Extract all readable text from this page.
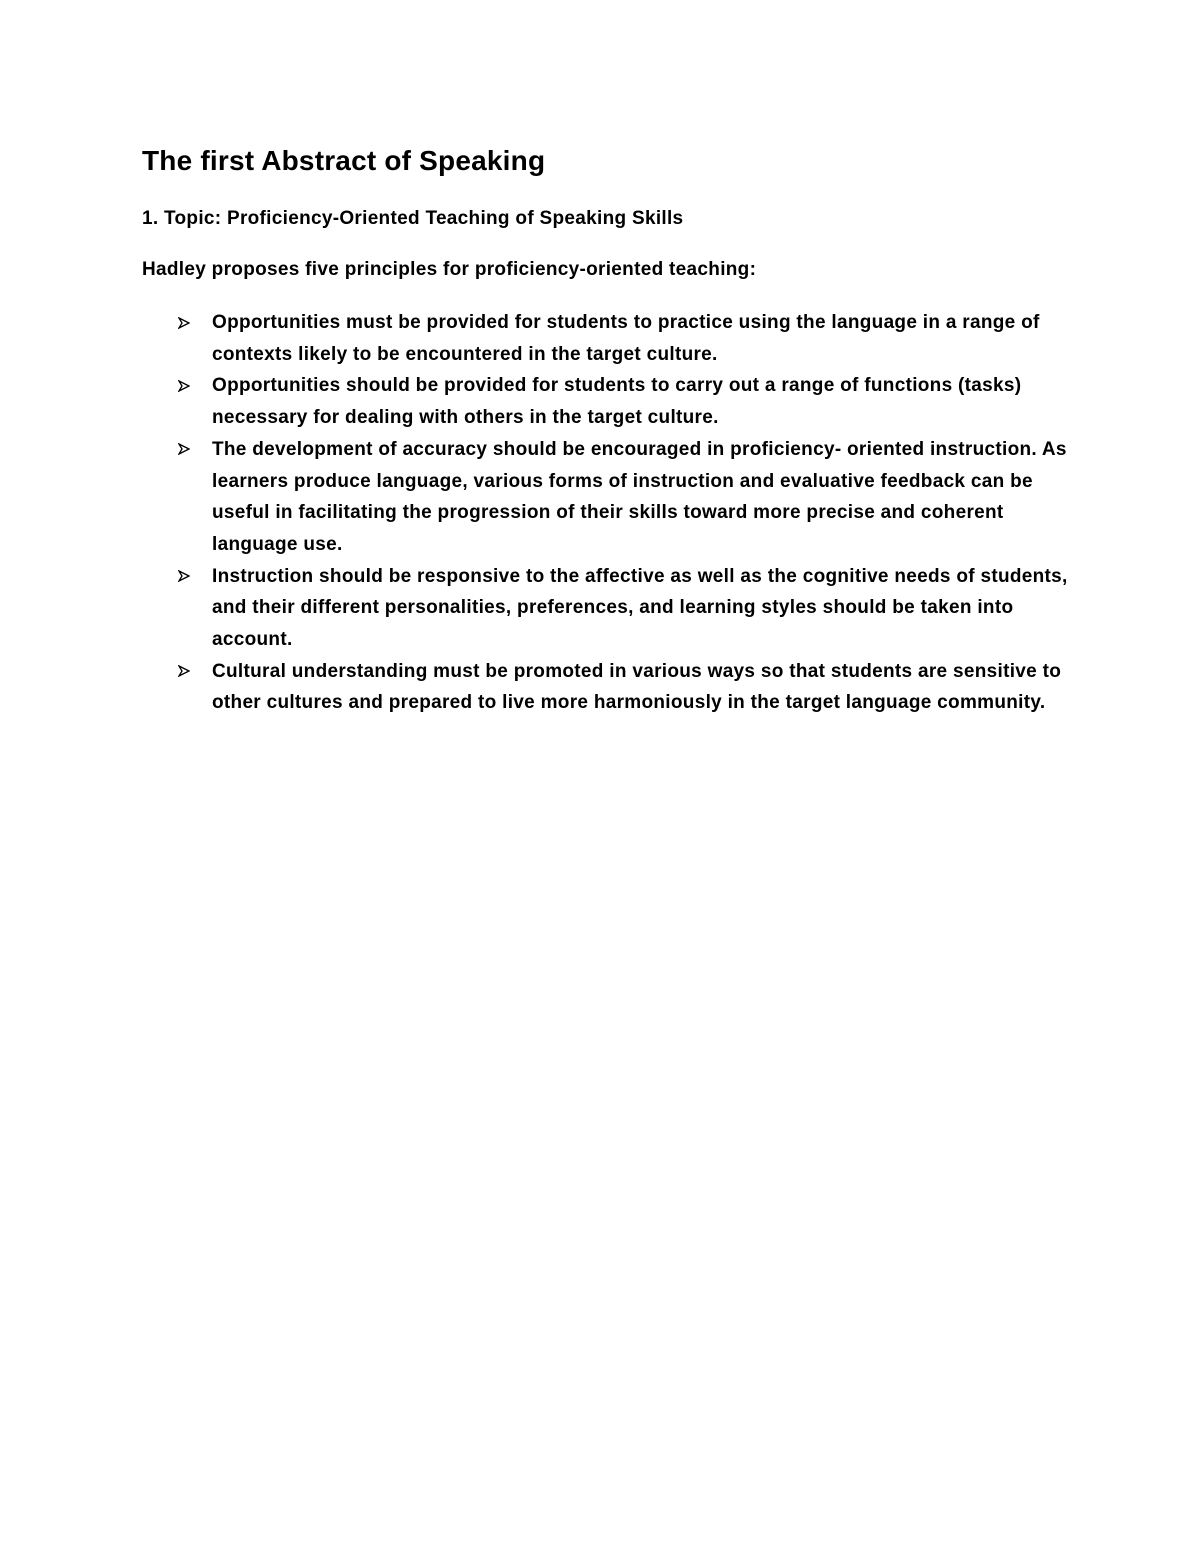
The first Abstract of Speaking

1. Topic: Proficiency-Oriented Teaching of Speaking Skills

Hadley proposes five principles for proficiency-oriented teaching:

Opportunities must be provided for students to practice using the language in a range of contexts likely to be encountered in the target culture.
Opportunities should be provided for students to carry out a range of functions (tasks) necessary for dealing with others in the target culture.
The development of accuracy should be encouraged in proficiency- oriented instruction. As learners produce language, various forms of instruction and evaluative feedback can be useful in facilitating the progression of their skills toward more precise and coherent language use.
Instruction should be responsive to the affective as well as the cognitive needs of students, and their different personalities, preferences, and learning styles should be taken into account.
Cultural understanding must be promoted in various ways so that students are sensitive to other cultures and prepared to live more harmoniously in the target language community.
